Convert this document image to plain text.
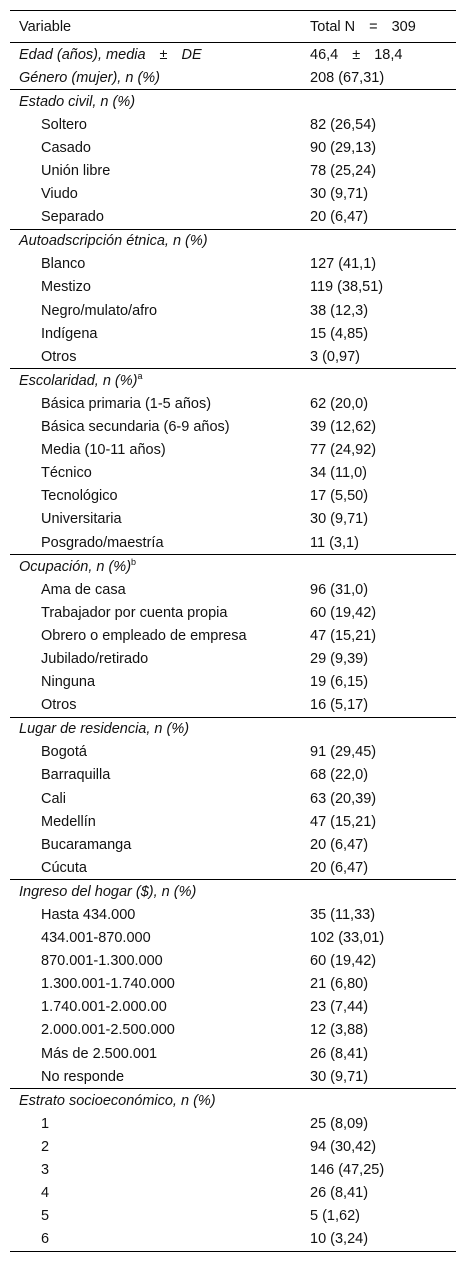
Variable	Total N = 309
Edad (años), media ± DE	46,4 ± 18,4
Género (mujer), n (%)	208 (67,31)
Estado civil, n (%)
Soltero	82 (26,54)
Casado	90 (29,13)
Unión libre	78 (25,24)
Viudo	30 (9,71)
Separado	20 (6,47)
Autoadscripción étnica, n (%)
Blanco	127 (41,1)
Mestizo	119 (38,51)
Negro/mulato/afro	38 (12,3)
Indígena	15 (4,85)
Otros	3 (0,97)
Escolaridad, n (%)$^a$
Básica primaria (1-5 años)	62 (20,0)
Básica secundaria (6-9 años)	39 (12,62)
Media (10-11 años)	77 (24,92)
Técnico	34 (11,0)
Tecnológico	17 (5,50)
Universitaria	30 (9,71)
Posgrado/maestría	11 (3,1)
Ocupación, n (%)$^b$
Ama de casa	96 (31,0)
Trabajador por cuenta propia	60 (19,42)
Obrero o empleado de empresa	47 (15,21)
Jubilado/retirado	29 (9,39)
Ninguna	19 (6,15)
Otros	16 (5,17)
Lugar de residencia, n (%)
Bogotá	91 (29,45)
Barraquilla	68 (22,0)
Cali	63 (20,39)
Medellín	47 (15,21)
Bucaramanga	20 (6,47)
Cúcuta	20 (6,47)
Ingreso del hogar ($), n (%)
Hasta 434.000	35 (11,33)
434.001-870.000	102 (33,01)
870.001-1.300.000	60 (19,42)
1.300.001-1.740.000	21 (6,80)
1.740.001-2.000.00	23 (7,44)
2.000.001-2.500.000	12 (3,88)
Más de 2.500.001	26 (8,41)
No responde	30 (9,71)
Estrato socioeconómico, n (%)
1	25 (8,09)
2	94 (30,42)
3	146 (47,25)
4	26 (8,41)
5	5 (1,62)
6	10 (3,24)
